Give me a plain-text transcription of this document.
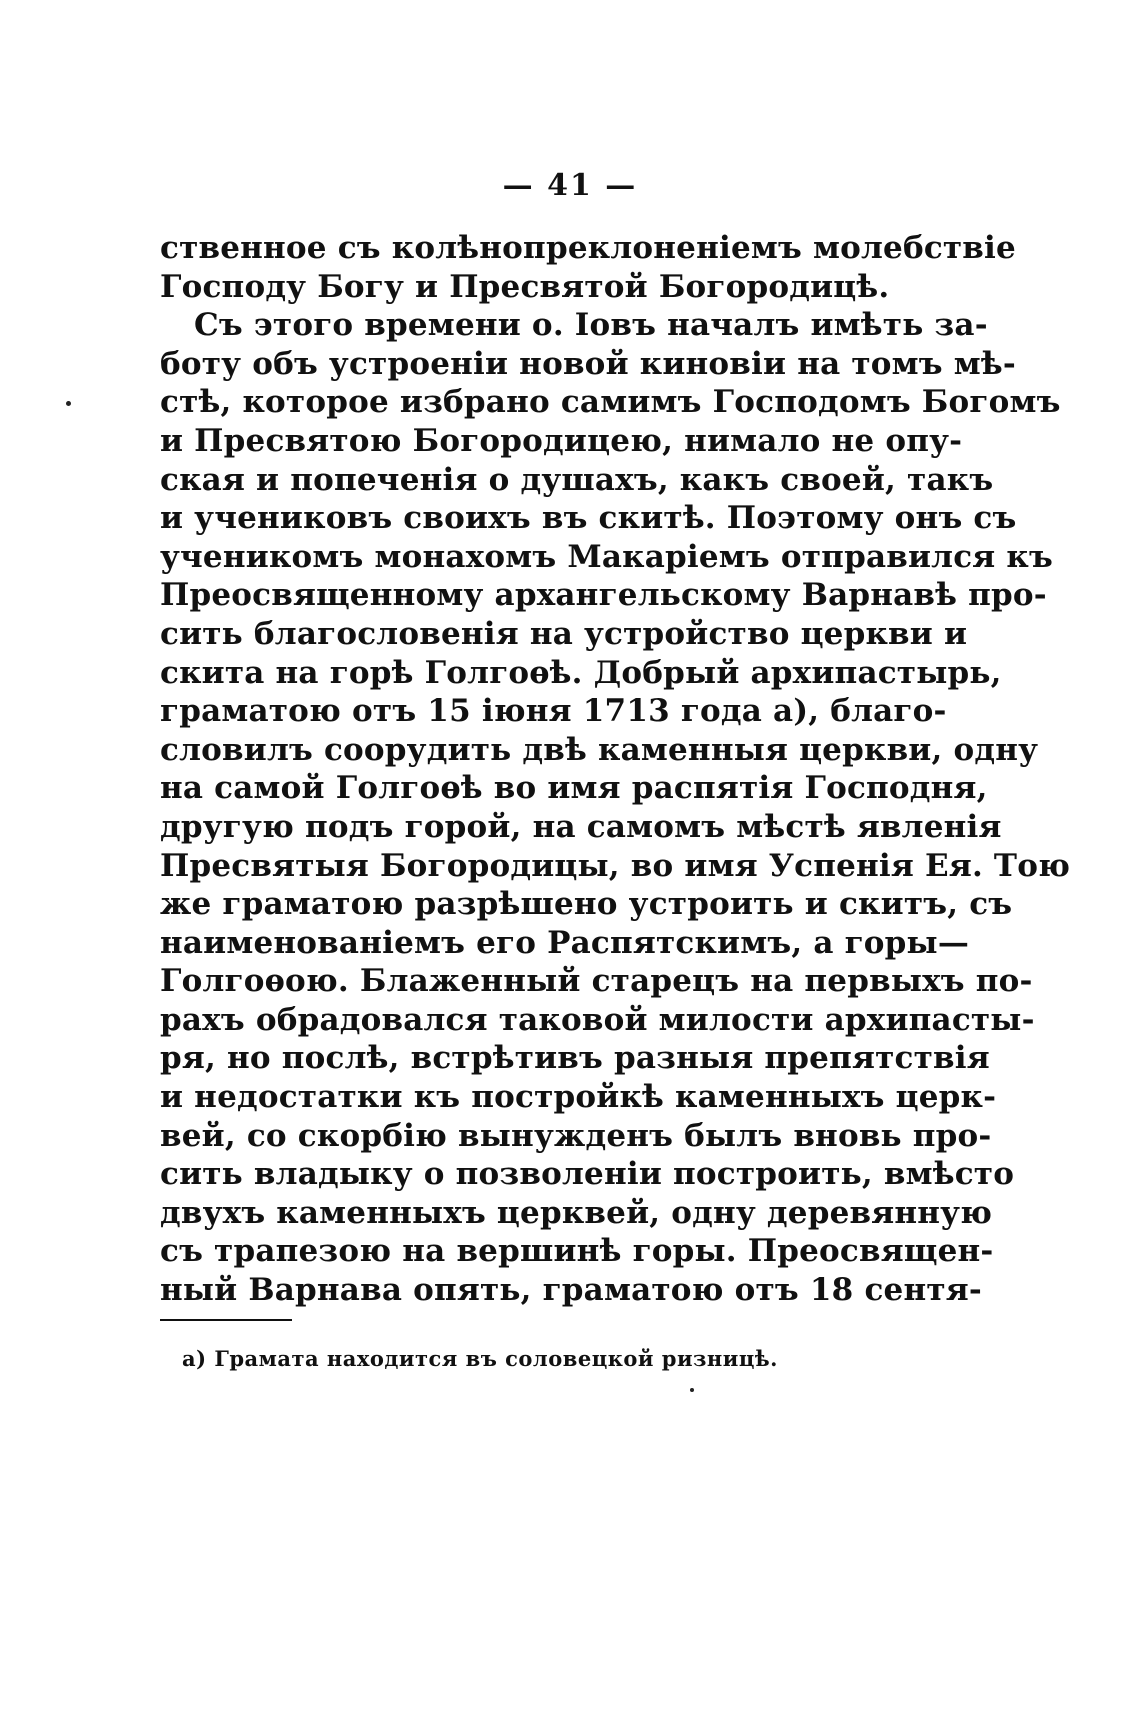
— 41 —
ственное съ колѣнопреклоненіемъ молебствіе
Господу Богу и Пресвятой Богородицѣ.
Съ этого времени о. Іовъ началъ имѣть за-
боту объ устроеніи новой киновіи на томъ мѣ-
стѣ, которое избрано самимъ Господомъ Богомъ
и Пресвятою Богородицею, нимало не опу-
ская и попеченія о душахъ, какъ своей, такъ
и учениковъ своихъ въ скитѣ. Поэтому онъ съ
ученикомъ монахомъ Макаріемъ отправился къ
Преосвященному архангельскому Варнавѣ про-
сить благословенія на устройство церкви и
скита на горѣ Голгоѳѣ. Добрый архипастырь,
граматою отъ 15 іюня 1713 года а), благо-
словилъ соорудить двѣ каменныя церкви, одну
на самой Голгоѳѣ во имя распятія Господня,
другую подъ горой, на самомъ мѣстѣ явленія
Пресвятыя Богородицы, во имя Успенія Ея. Тою
же граматою разрѣшено устроить и скитъ, съ
наименованіемъ его Распятскимъ, а горы—
Голгоѳою. Блаженный старецъ на первыхъ по-
рахъ обрадовался таковой милости архипасты-
ря, но послѣ, встрѣтивъ разныя препятствія
и недостатки къ постройкѣ каменныхъ церк-
вей, со скорбію вынужденъ былъ вновь про-
сить владыку о позволеніи построить, вмѣсто
двухъ каменныхъ церквей, одну деревянную
съ трапезою на вершинѣ горы. Преосвящен-
ный Варнава опять, граматою отъ 18 сентя-
а) Грамата находится въ соловецкой ризницѣ.
